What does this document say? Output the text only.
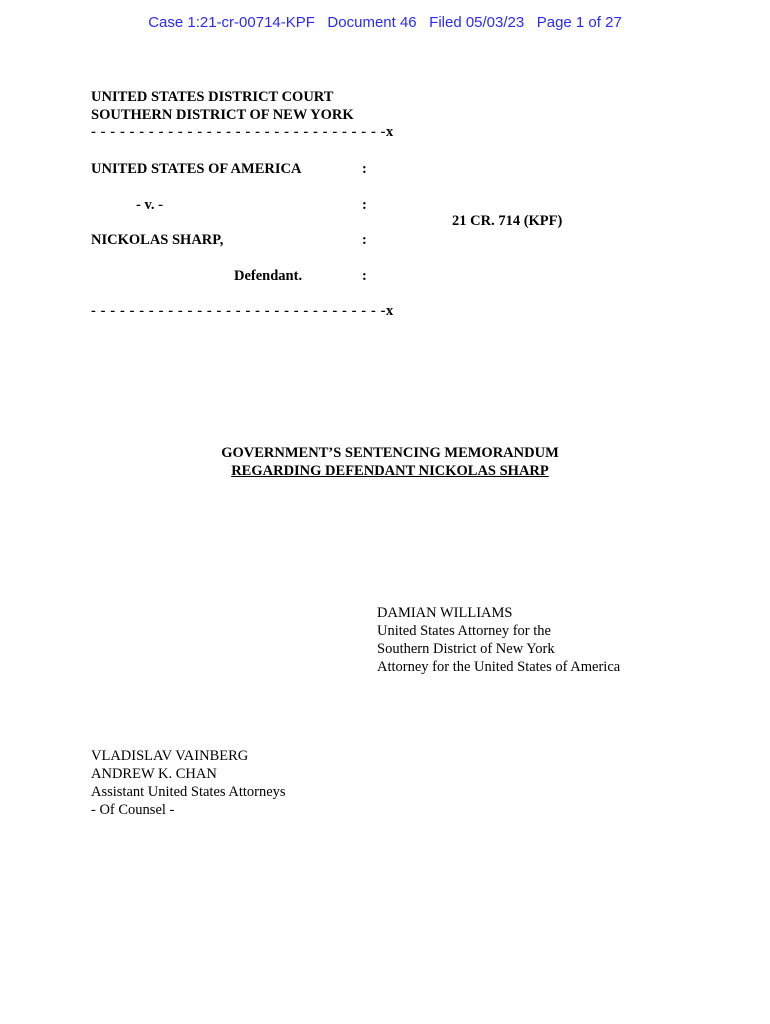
Case 1:21-cr-00714-KPF   Document 46   Filed 05/03/23   Page 1 of 27
UNITED STATES DISTRICT COURT
SOUTHERN DISTRICT OF NEW YORK
- - - - - - - - - - - - - - - - - - - - - - - - - - - - - - -x
UNITED STATES OF AMERICA	:
- v. -	:
NICKOLAS SHARP,	:
Defendant.	:
- - - - - - - - - - - - - - - - - - - - - - - - - - - - - - -x
21 CR. 714 (KPF)
GOVERNMENT’S SENTENCING MEMORANDUM
REGARDING DEFENDANT NICKOLAS SHARP
DAMIAN WILLIAMS
United States Attorney for the
Southern District of New York
Attorney for the United States of America
VLADISLAV VAINBERG
ANDREW K. CHAN
Assistant United States Attorneys
- Of Counsel -
